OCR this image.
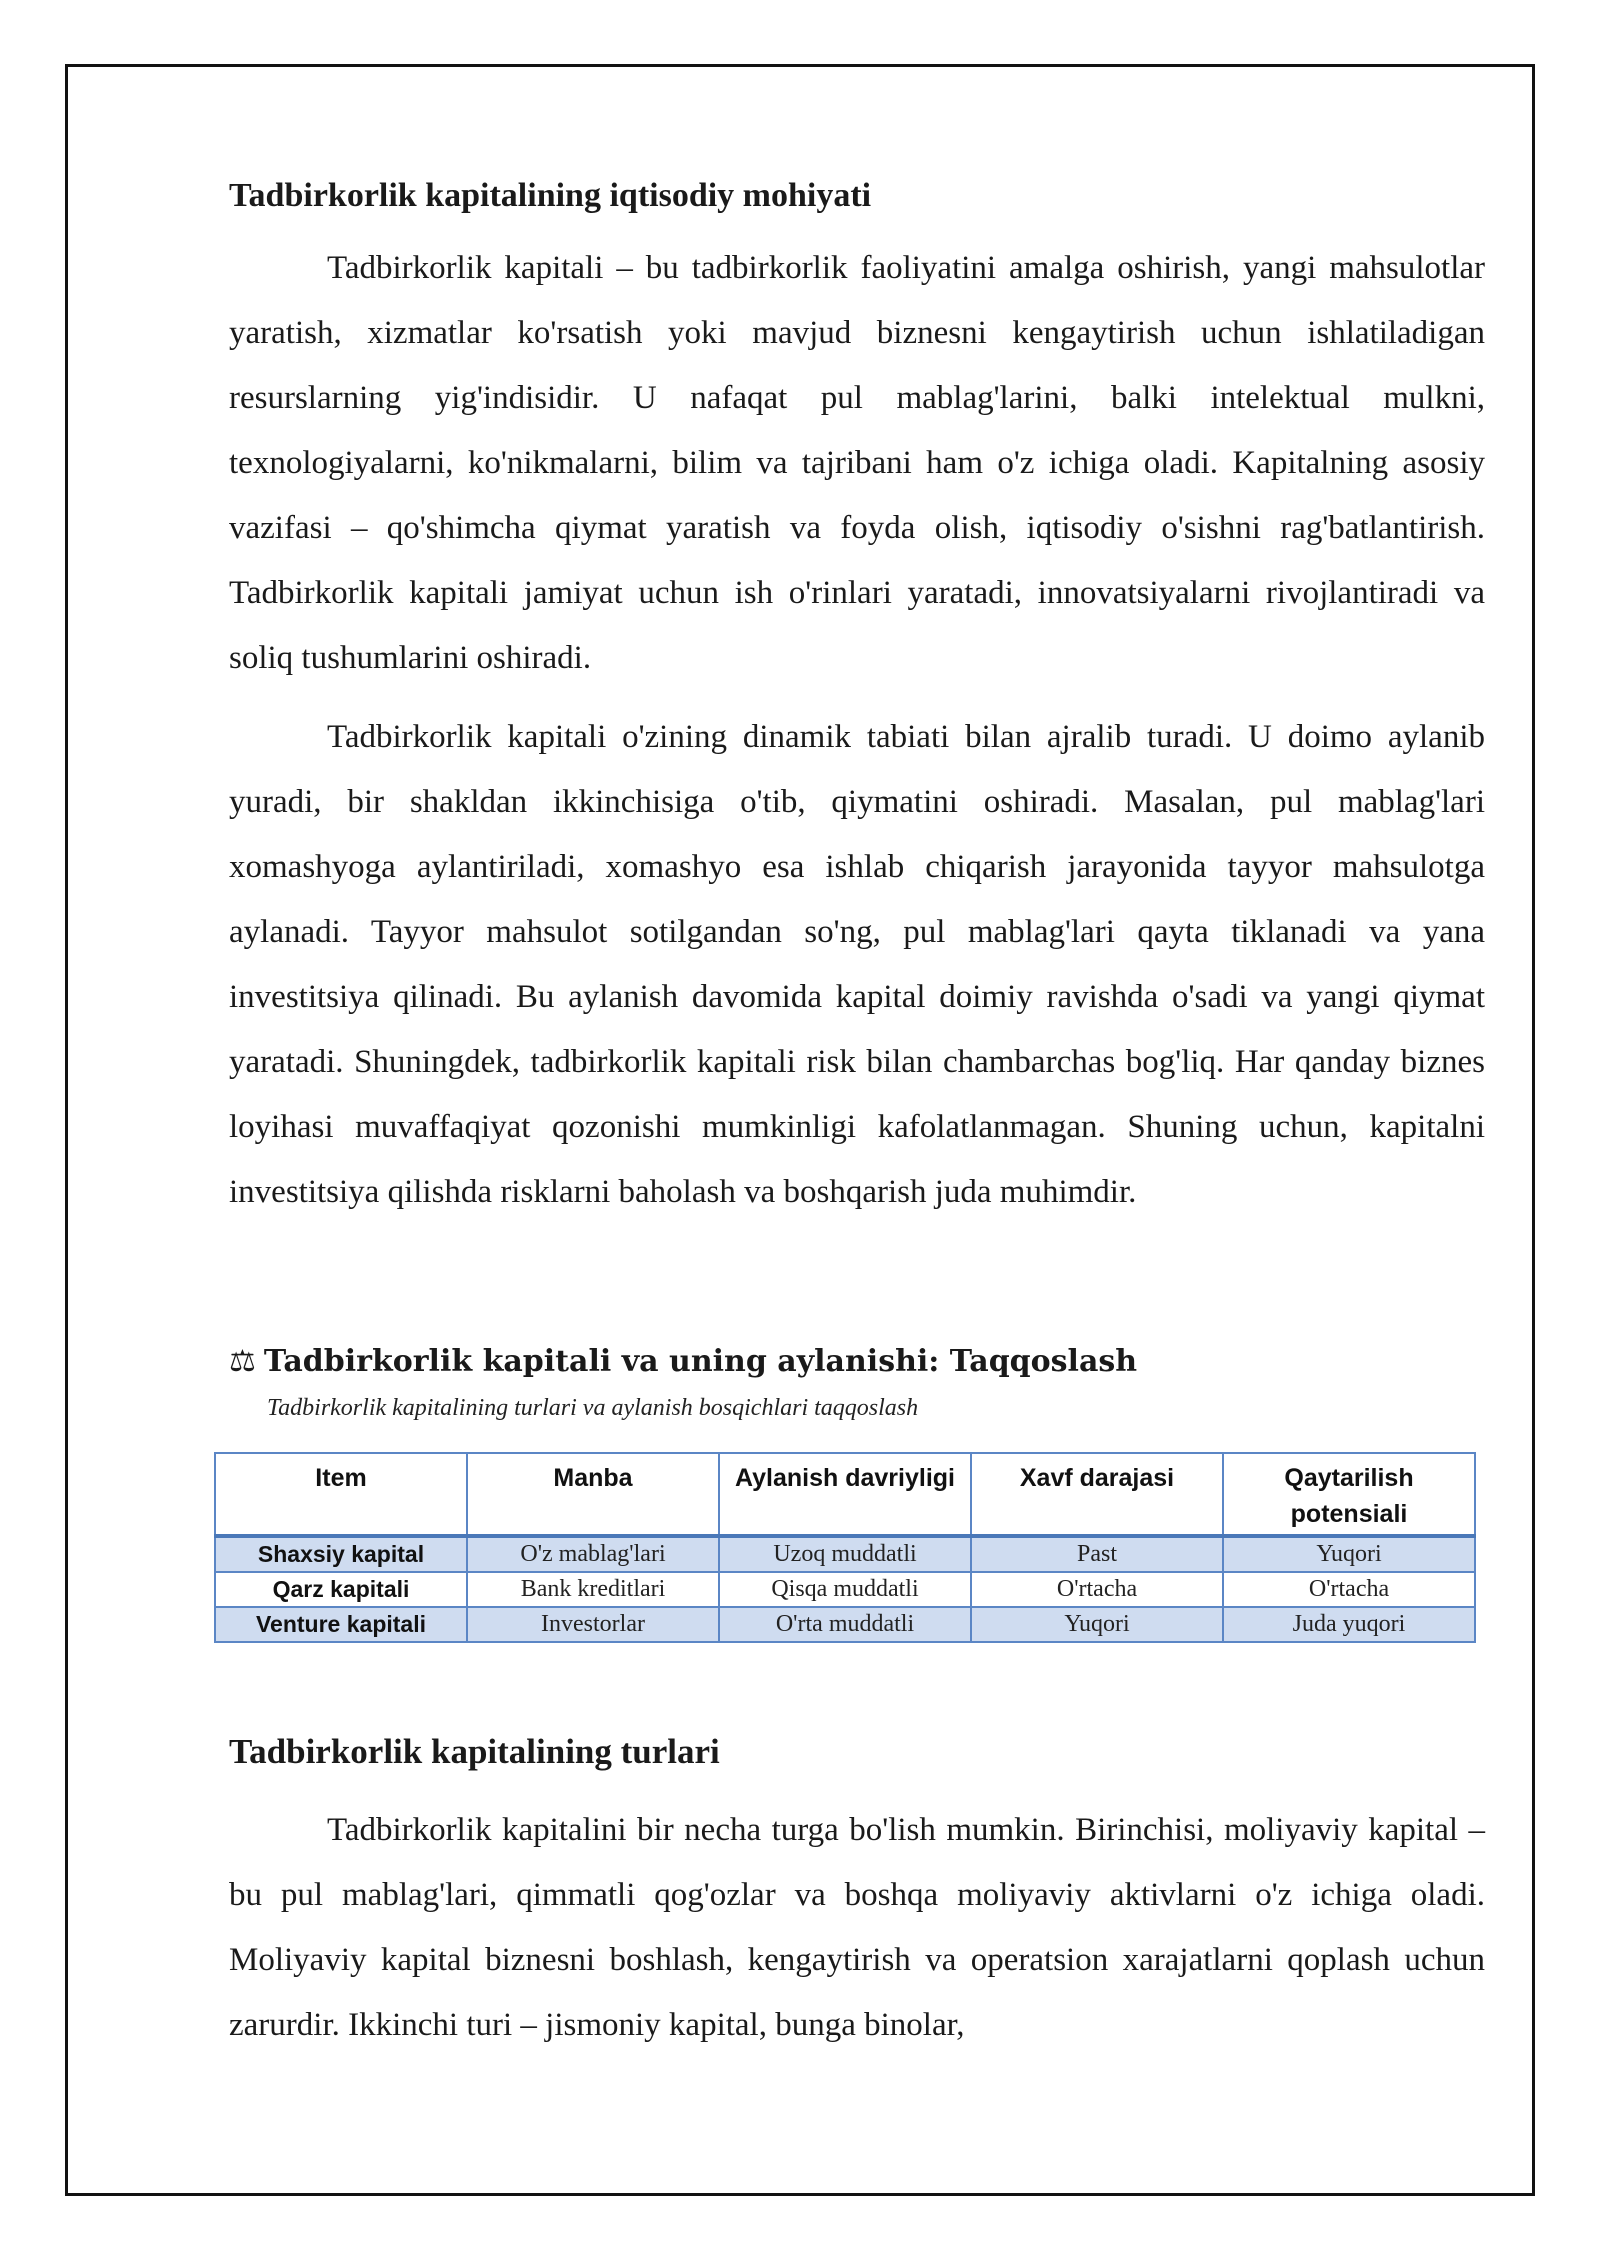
Tadbirkorlik kapitalining iqtisodiy mohiyati

Tadbirkorlik kapitali – bu tadbirkorlik faoliyatini amalga oshirish, yangi mahsulotlar yaratish, xizmatlar ko'rsatish yoki mavjud biznesni kengaytirish uchun ishlatiladigan resurslarning yig'indisidir. U nafaqat pul mablag'larini, balki intelektual mulkni, texnologiyalarni, ko'nikmalarni, bilim va tajribani ham o'z ichiga oladi. Kapitalning asosiy vazifasi – qo'shimcha qiymat yaratish va foyda olish, iqtisodiy o'sishni rag'batlantirish. Tadbirkorlik kapitali jamiyat uchun ish o'rinlari yaratadi, innovatsiyalarni rivojlantiradi va soliq tushumlarini oshiradi.

Tadbirkorlik kapitali o'zining dinamik tabiati bilan ajralib turadi. U doimo aylanib yuradi, bir shakldan ikkinchisiga o'tib, qiymatini oshiradi. Masalan, pul mablag'lari xomashyoga aylantiriladi, xomashyo esa ishlab chiqarish jarayonida tayyor mahsulotga aylanadi. Tayyor mahsulot sotilgandan so'ng, pul mablag'lari qayta tiklanadi va yana investitsiya qilinadi. Bu aylanish davomida kapital doimiy ravishda o'sadi va yangi qiymat yaratadi. Shuningdek, tadbirkorlik kapitali risk bilan chambarchas bog'liq. Har qanday biznes loyihasi muvaffaqiyat qozonishi mumkinligi kafolatlanmagan. Shuning uchun, kapitalni investitsiya qilishda risklarni baholash va boshqarish juda muhimdir.

⚖ Tadbirkorlik kapitali va uning aylanishi: Taqqoslash
Tadbirkorlik kapitalining turlari va aylanish bosqichlari taqqoslash
Item	Manba	Aylanish davriyligi	Xavf darajasi	Qaytarilish potensiali
Shaxsiy kapital	O'z mablag'lari	Uzoq muddatli	Past	Yuqori
Qarz kapitali	Bank kreditlari	Qisqa muddatli	O'rtacha	O'rtacha
Venture kapitali	Investorlar	O'rta muddatli	Yuqori	Juda yuqori
Tadbirkorlik kapitalining turlari

Tadbirkorlik kapitalini bir necha turga bo'lish mumkin. Birinchisi, moliyaviy kapital – bu pul mablag'lari, qimmatli qog'ozlar va boshqa moliyaviy aktivlarni o'z ichiga oladi. Moliyaviy kapital biznesni boshlash, kengaytirish va operatsion xarajatlarni qoplash uchun zarurdir. Ikkinchi turi – jismoniy kapital, bunga binolar,
